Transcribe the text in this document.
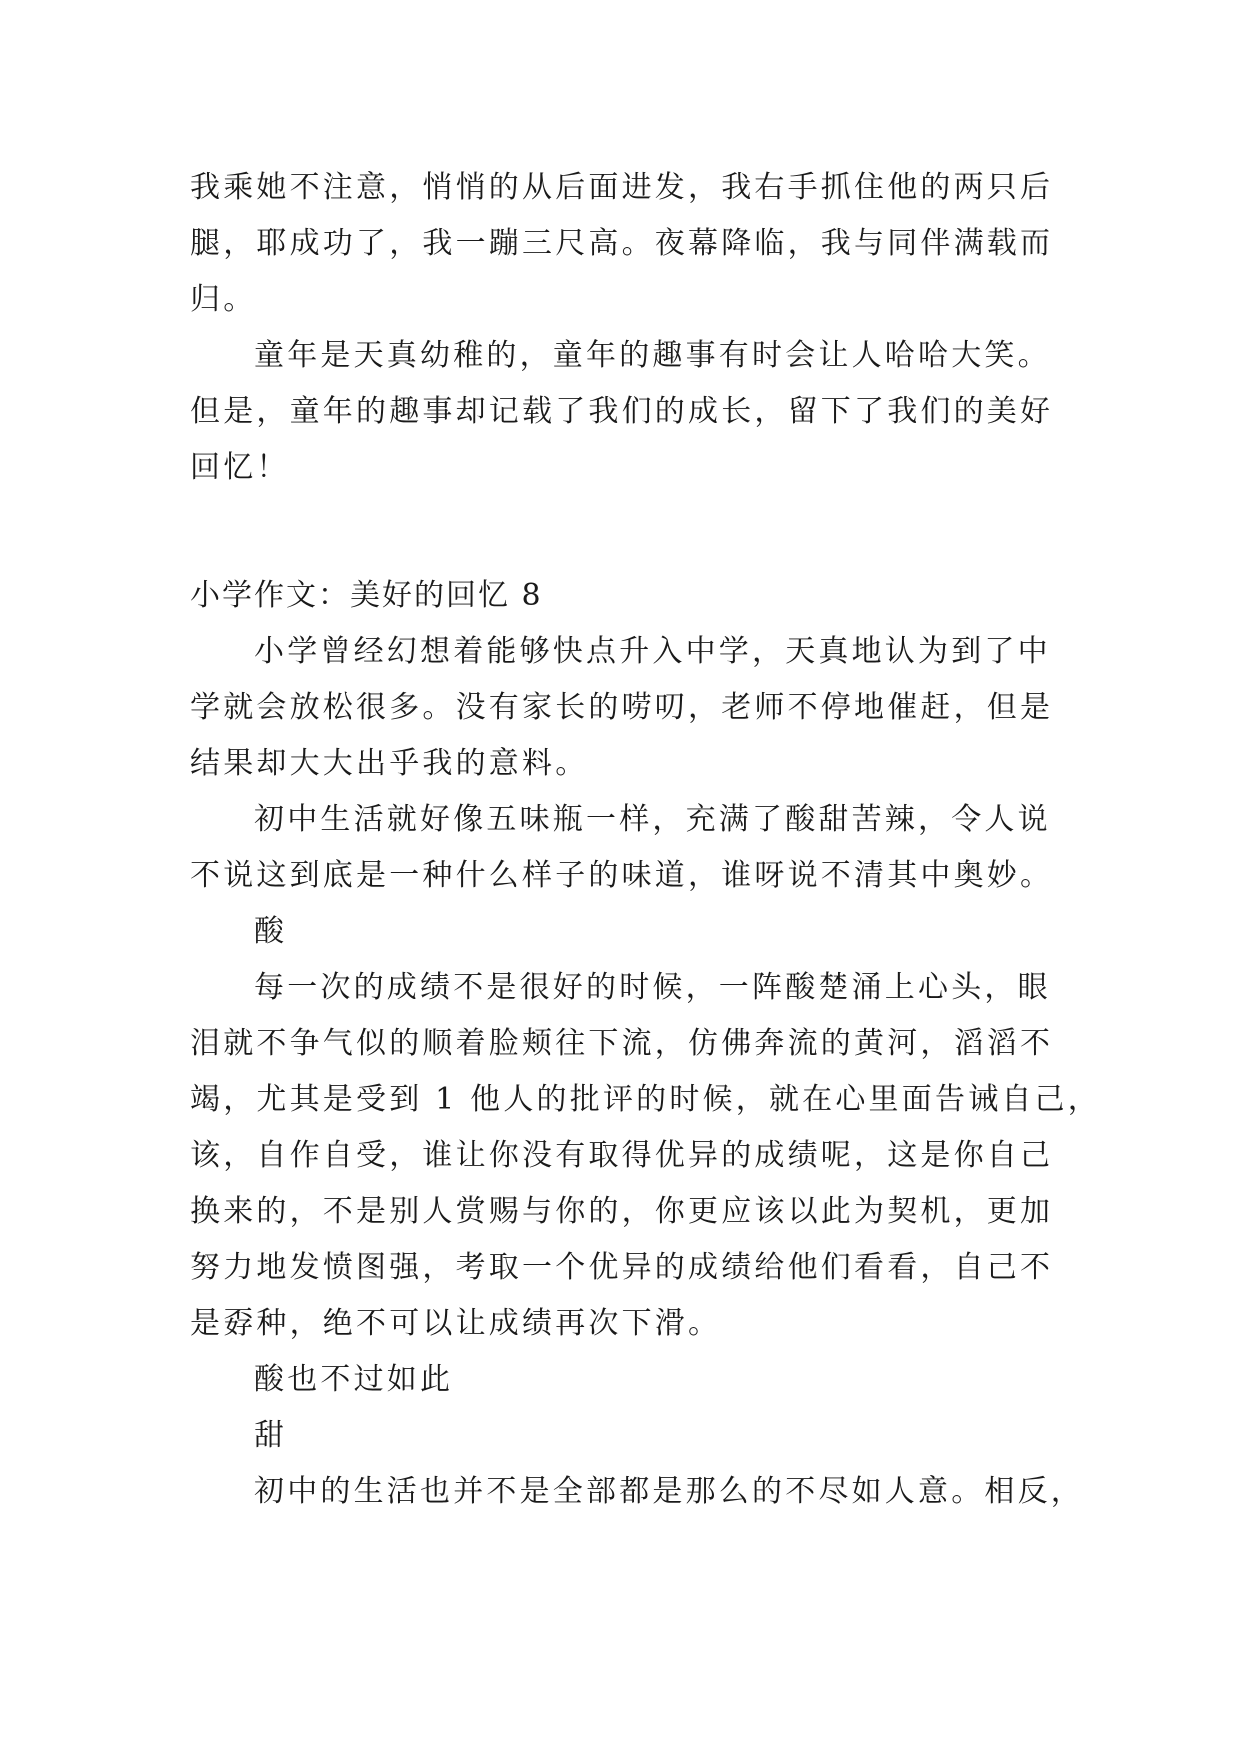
我乘她不注意，悄悄的从后面进发，我右手抓住他的两只后
腿，耶成功了，我一蹦三尺高。夜幕降临，我与同伴满载而
归。
童年是天真幼稚的，童年的趣事有时会让人哈哈大笑。
但是，童年的趣事却记载了我们的成长，留下了我们的美好
回忆！
小学作文：美好的回忆 8
小学曾经幻想着能够快点升入中学，天真地认为到了中
学就会放松很多。没有家长的唠叨，老师不停地催赶，但是
结果却大大出乎我的意料。
初中生活就好像五味瓶一样，充满了酸甜苦辣，令人说
不说这到底是一种什么样子的味道，谁呀说不清其中奥妙。
酸
每一次的成绩不是很好的时候，一阵酸楚涌上心头，眼
泪就不争气似的顺着脸颊往下流，仿佛奔流的黄河，滔滔不
竭，尤其是受到 1 他人的批评的时候，就在心里面告诫自己，
该，自作自受，谁让你没有取得优异的成绩呢，这是你自己
换来的，不是别人赏赐与你的，你更应该以此为契机，更加
努力地发愤图强，考取一个优异的成绩给他们看看，自己不
是孬种，绝不可以让成绩再次下滑。
酸也不过如此
甜
初中的生活也并不是全部都是那么的不尽如人意。相反，
